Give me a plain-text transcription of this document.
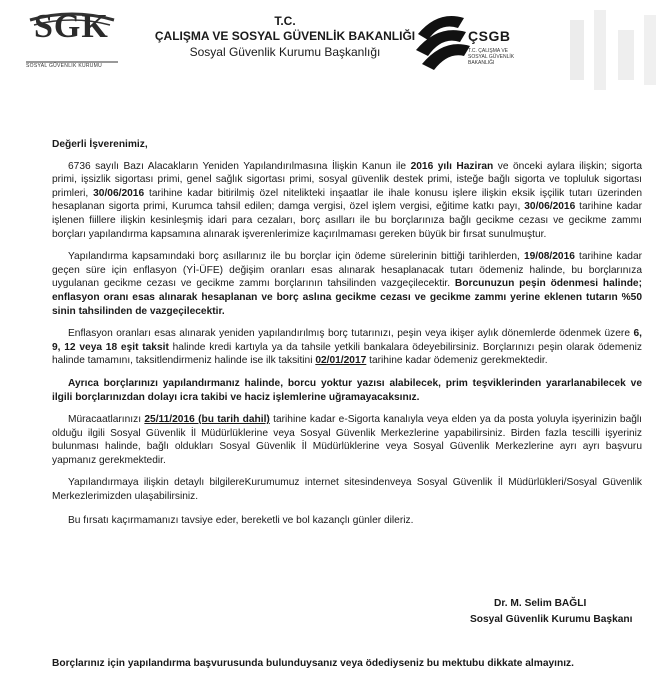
SGK
SOSYAL GÜVENLİK KURUMU
T.C.
ÇALIŞMA VE SOSYAL GÜVENLİK BAKANLIĞI
Sosyal Güvenlik Kurumu Başkanlığı
ÇSGB
T.C. ÇALIŞMA VE SOSYAL GÜVENLİK BAKANLIĞI
Değerli İşverenimiz,

6736 sayılı Bazı Alacakların Yeniden Yapılandırılmasına İlişkin Kanun ile 2016 yılı Haziran ve önceki aylara ilişkin; sigorta primi, işsizlik sigortası primi, genel sağlık sigortası primi, sosyal güvenlik destek primi, isteğe bağlı sigorta ve topluluk sigortası primleri, 30/06/2016 tarihine kadar bitirilmiş özel nitelikteki inşaatlar ile ihale konusu işlere ilişkin eksik işçilik tutarı üzerinden hesaplanan sigorta primi, Kurumca tahsil edilen; damga vergisi, özel işlem vergisi, eğitime katkı payı, 30/06/2016 tarihine kadar işlenen fiillere ilişkin kesinleşmiş idari para cezaları, borç asılları ile bu borçlarınıza bağlı gecikme cezası ve gecikme zammı borçları yapılandırma kapsamına alınarak işverenlerimize kaçırılmaması gereken büyük bir fırsat sunulmuştur.

Yapılandırma kapsamındaki borç asıllarınız ile bu borçlar için ödeme sürelerinin bittiği tarihlerden, 19/08/2016 tarihine kadar geçen süre için enflasyon (Yİ-ÜFE) değişim oranları esas alınarak hesaplanacak tutarı ödemeniz halinde, bu borçlarınıza uygulanan gecikme cezası ve gecikme zammı borçlarının tahsilinden vazgeçilecektir. Borcunuzun peşin ödenmesi halinde; enflasyon oranı esas alınarak hesaplanan ve borç aslına gecikme cezası ve gecikme zammı yerine eklenen tutarın %50 sinin tahsilinden de vazgeçilecektir.

Enflasyon oranları esas alınarak yeniden yapılandırılmış borç tutarınızı, peşin veya ikişer aylık dönemlerde ödenmek üzere 6, 9, 12 veya 18 eşit taksit halinde kredi kartıyla ya da tahsile yetkili bankalara ödeyebilirsiniz. Borçlarınızı peşin olarak ödemeniz halinde tamamını, taksitlendirmeniz halinde ise ilk taksitini 02/01/2017 tarihine kadar ödemeniz gerekmektedir.

Ayrıca borçlarınızı yapılandırmanız halinde, borcu yoktur yazısı alabilecek, prim teşviklerinden yararlanabilecek ve ilgili borçlarınızdan dolayı icra takibi ve haciz işlemlerine uğramayacaksınız.

Müracaatlarınızı 25/11/2016 (bu tarih dahil) tarihine kadar e-Sigorta kanalıyla veya elden ya da posta yoluyla işyerinizin bağlı olduğu ilgili Sosyal Güvenlik İl Müdürlüklerine veya Sosyal Güvenlik Merkezlerine yapabilirsiniz. Birden fazla tescilli işyeriniz bulunması halinde, bağlı oldukları Sosyal Güvenlik İl Müdürlüklerine veya Sosyal Güvenlik Merkezlerine ayrı ayrı başvuru yapmanız gerekmektedir.

Yapılandırmaya ilişkin detaylı bilgilereKurumumuz internet sitesindenveya Sosyal Güvenlik İl Müdürlükleri/Sosyal Güvenlik Merkezlerimizden ulaşabilirsiniz.

Bu fırsatı kaçırmamanızı tavsiye eder, bereketli ve bol kazançlı günler dileriz.

Dr. M. Selim BAĞLI
Sosyal Güvenlik Kurumu Başkanı
Borçlarınız için yapılandırma başvurusunda bulunduysanız veya ödediyseniz bu mektubu dikkate almayınız.
